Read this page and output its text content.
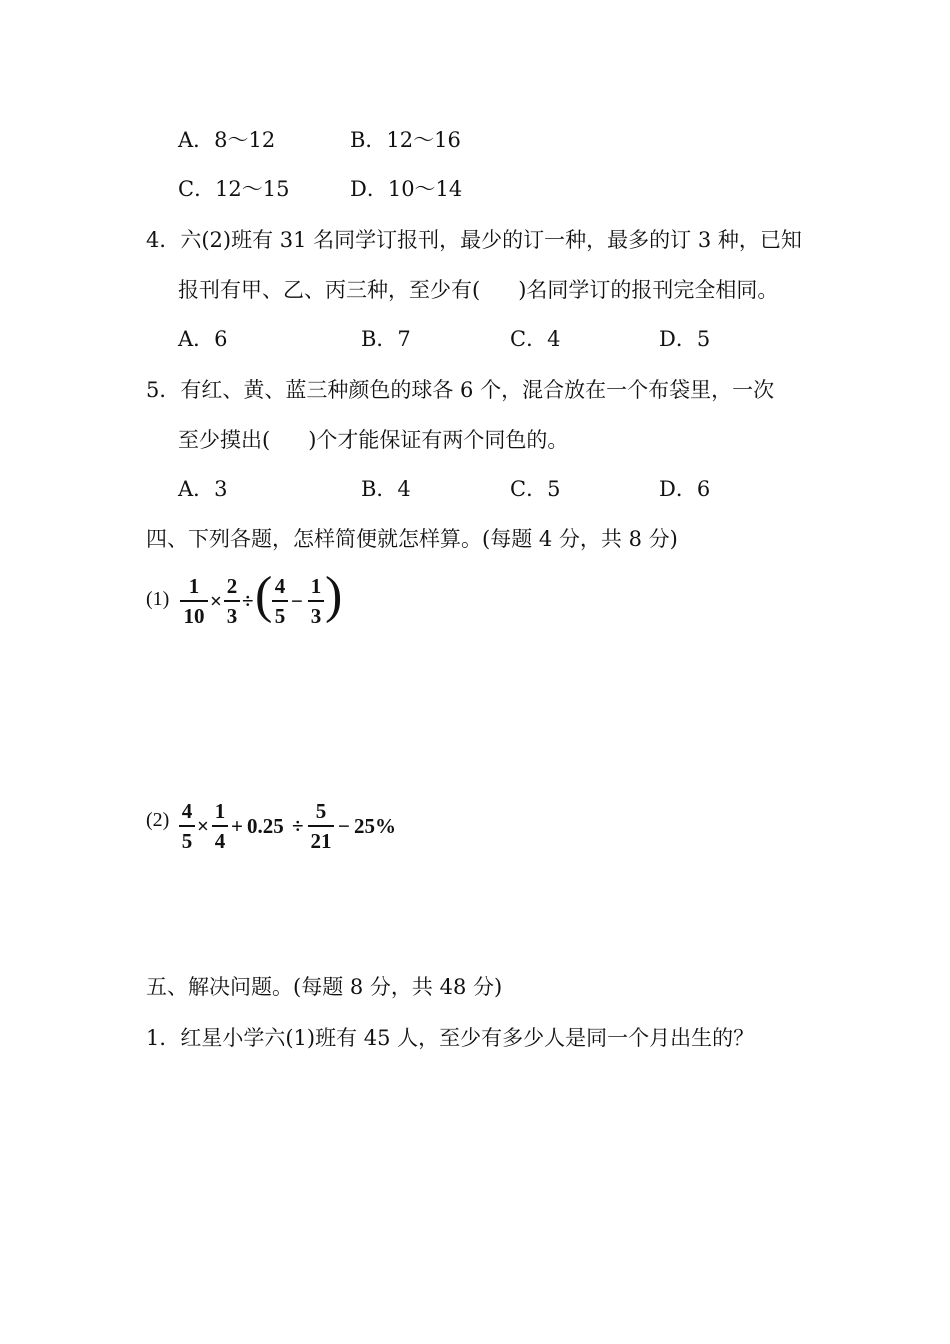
A．8～12	B．12～16
C．12～15	D．10～14
4．六(2)班有 31 名同学订报刊，最少的订一种，最多的订 3 种，已知
报刊有甲、乙、丙三种，至少有( )名同学订的报刊完全相同。
A．6	B．7	C．4	D．5
5．有红、黄、蓝三种颜色的球各 6 个，混合放在一个布袋里，一次
至少摸出( )个才能保证有两个同色的。
A．3	B．4	C．5	D．6
四、下列各题，怎样简便就怎样算。(每题 4 分，共 8 分)
(1)
1
10
×
2
3
÷ ( 4
5
−
1
3 )
(2) 4
5
×
1
4
+ 0.25 ÷
5
21
− 25%
五、解决问题。(每题 8 分，共 48 分)
1．红星小学六(1)班有 45 人，至少有多少人是同一个月出生的？
